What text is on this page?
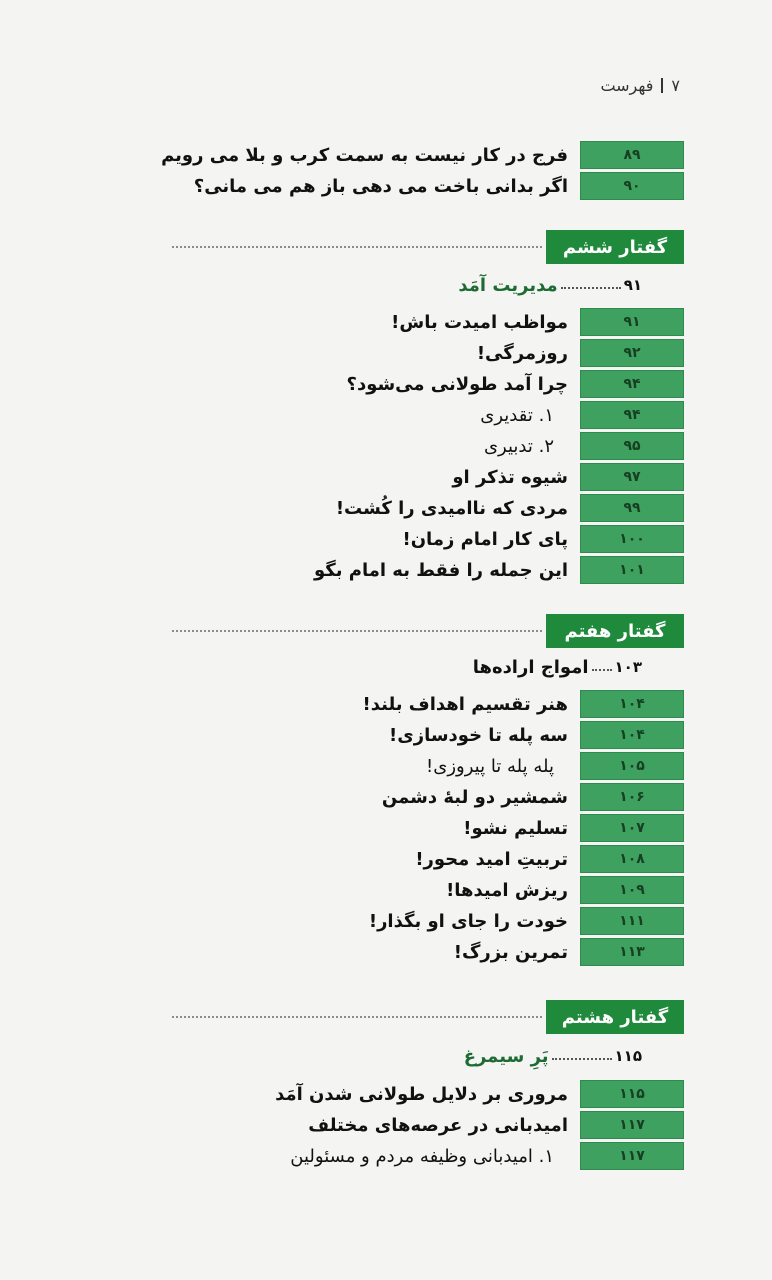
۷
فهرست
۸۹
فرج در کار نیست به سمت کرب و بلا می رویم
۹۰
اگر بدانی باخت می دهی باز هم می مانی؟
گفتار ششم
۹۱
مدیریت آمَد
۹۱
مواظب امیدت باش!
۹۲
روزمرگی!
۹۴
چرا آمد طولانی می‌شود؟
۹۴
۱. تقدیری
۹۵
۲. تدبیری
۹۷
شیوه تذکر او
۹۹
مردی که ناامیدی را کُشت!
۱۰۰
پای کار امام زمان!
۱۰۱
این جمله را فقط به امام بگو
گفتار هفتم
۱۰۳
امواج اراده‌ها
۱۰۴
هنر تقسیم اهداف بلند!
۱۰۴
سه پله تا خودسازی!
۱۰۵
پله پله تا پیروزی!
۱۰۶
شمشیر دو لبهٔ دشمن
۱۰۷
تسلیم نشو!
۱۰۸
تربیتِ امید محور!
۱۰۹
ریزش امیدها!
۱۱۱
خودت را جای او بگذار!
۱۱۳
تمرین بزرگ!
گفتار هشتم
۱۱۵
پَرِ سیمرغ
۱۱۵
مروری بر دلایل طولانی شدن آمَد
۱۱۷
امیدبانی در عرصه‌های مختلف
۱۱۷
۱. امیدبانی وظیفه مردم و مسئولین
